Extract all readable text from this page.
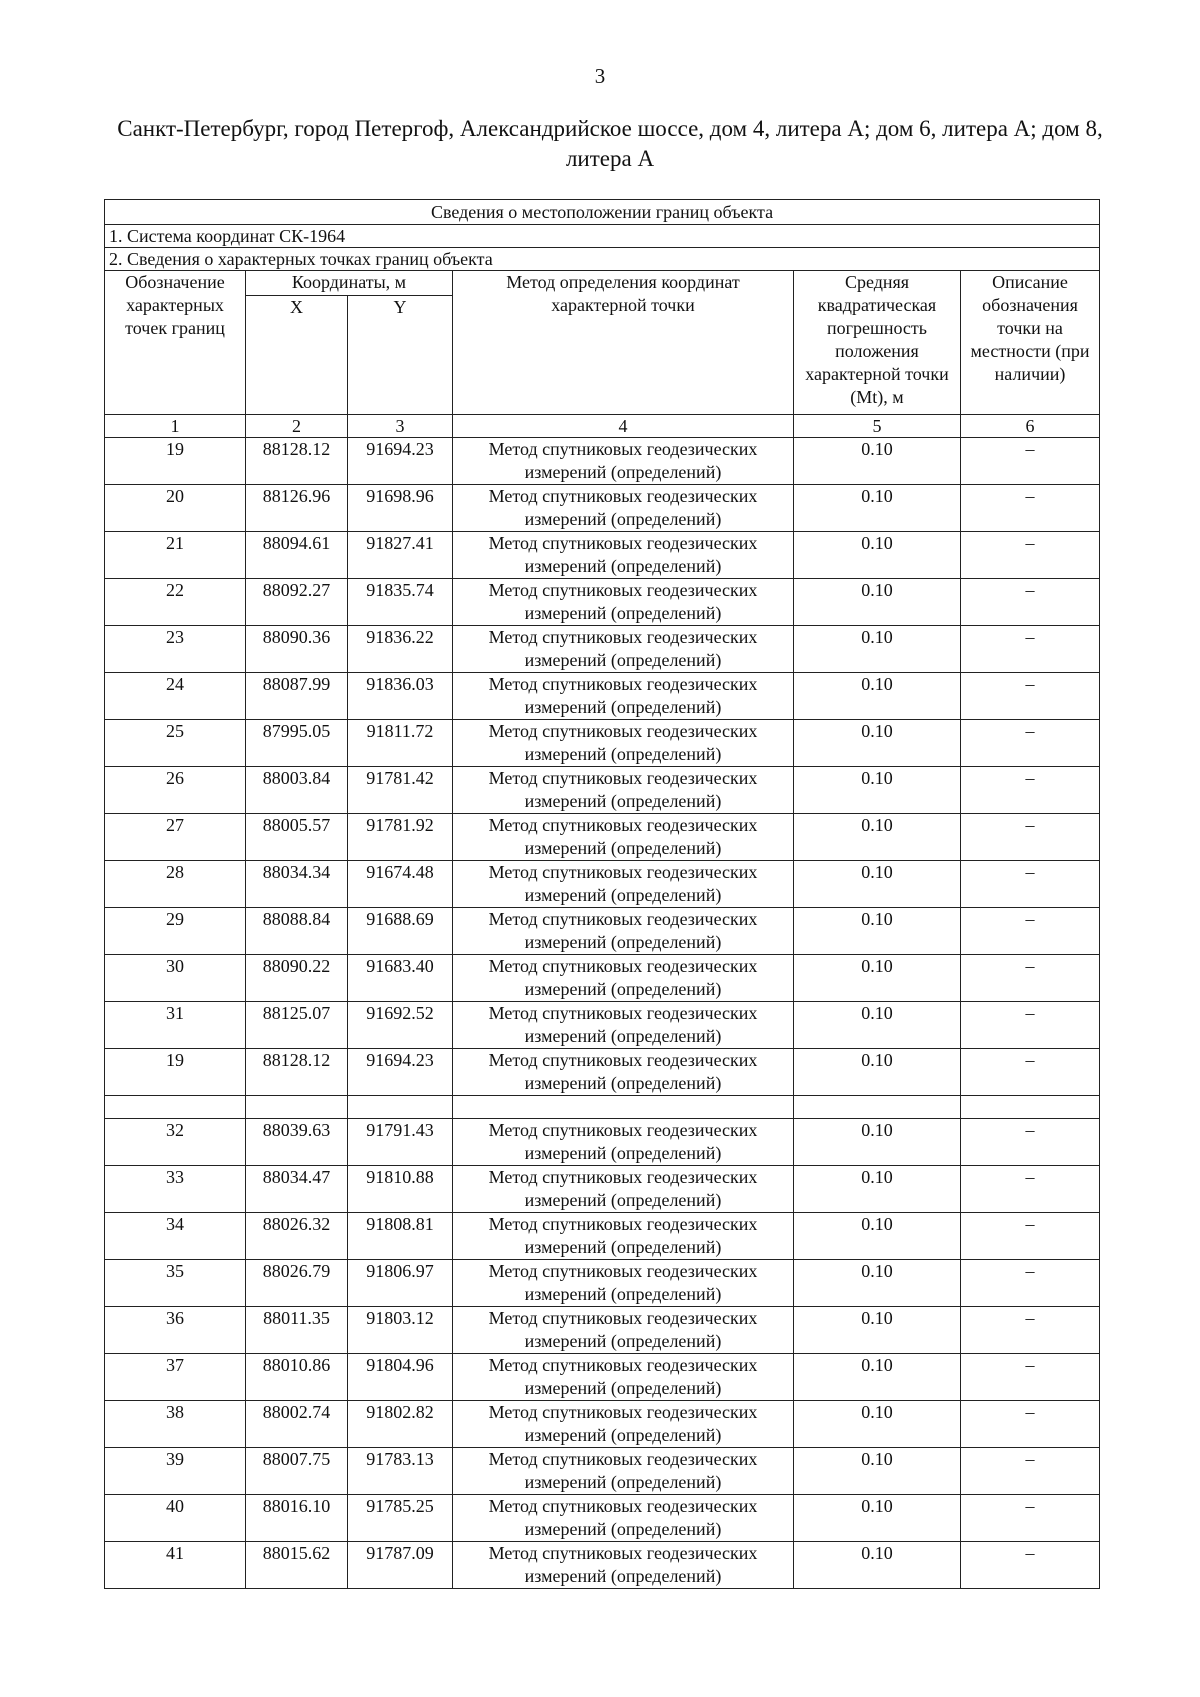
3
Санкт-Петербург, город Петергоф, Александрийское шоссе, дом 4, литера А; дом 6, литера А; дом 8, литера А
Сведения о местоположении границ объекта					
1. Система координат СК-1964					
2. Сведения о характерных точках границ объекта					
Обозначение характерных точек границ	Координаты, м		Метод определения координат характерной точки	Средняя квадратическая погрешность положения характерной точки (Mt), м	Описание обозначения точки на местности (при наличии)
	X	Y			
1	2	3	4	5	6
19	88128.12	91694.23	Метод спутниковых геодезических измерений (определений)	0.10	–
20	88126.96	91698.96	Метод спутниковых геодезических измерений (определений)	0.10	–
21	88094.61	91827.41	Метод спутниковых геодезических измерений (определений)	0.10	–
22	88092.27	91835.74	Метод спутниковых геодезических измерений (определений)	0.10	–
23	88090.36	91836.22	Метод спутниковых геодезических измерений (определений)	0.10	–
24	88087.99	91836.03	Метод спутниковых геодезических измерений (определений)	0.10	–
25	87995.05	91811.72	Метод спутниковых геодезических измерений (определений)	0.10	–
26	88003.84	91781.42	Метод спутниковых геодезических измерений (определений)	0.10	–
27	88005.57	91781.92	Метод спутниковых геодезических измерений (определений)	0.10	–
28	88034.34	91674.48	Метод спутниковых геодезических измерений (определений)	0.10	–
29	88088.84	91688.69	Метод спутниковых геодезических измерений (определений)	0.10	–
30	88090.22	91683.40	Метод спутниковых геодезических измерений (определений)	0.10	–
31	88125.07	91692.52	Метод спутниковых геодезических измерений (определений)	0.10	–
19	88128.12	91694.23	Метод спутниковых геодезических измерений (определений)	0.10	–

32	88039.63	91791.43	Метод спутниковых геодезических измерений (определений)	0.10	–
33	88034.47	91810.88	Метод спутниковых геодезических измерений (определений)	0.10	–
34	88026.32	91808.81	Метод спутниковых геодезических измерений (определений)	0.10	–
35	88026.79	91806.97	Метод спутниковых геодезических измерений (определений)	0.10	–
36	88011.35	91803.12	Метод спутниковых геодезических измерений (определений)	0.10	–
37	88010.86	91804.96	Метод спутниковых геодезических измерений (определений)	0.10	–
38	88002.74	91802.82	Метод спутниковых геодезических измерений (определений)	0.10	–
39	88007.75	91783.13	Метод спутниковых геодезических измерений (определений)	0.10	–
40	88016.10	91785.25	Метод спутниковых геодезических измерений (определений)	0.10	–
41	88015.62	91787.09	Метод спутниковых геодезических измерений (определений)	0.10	–
